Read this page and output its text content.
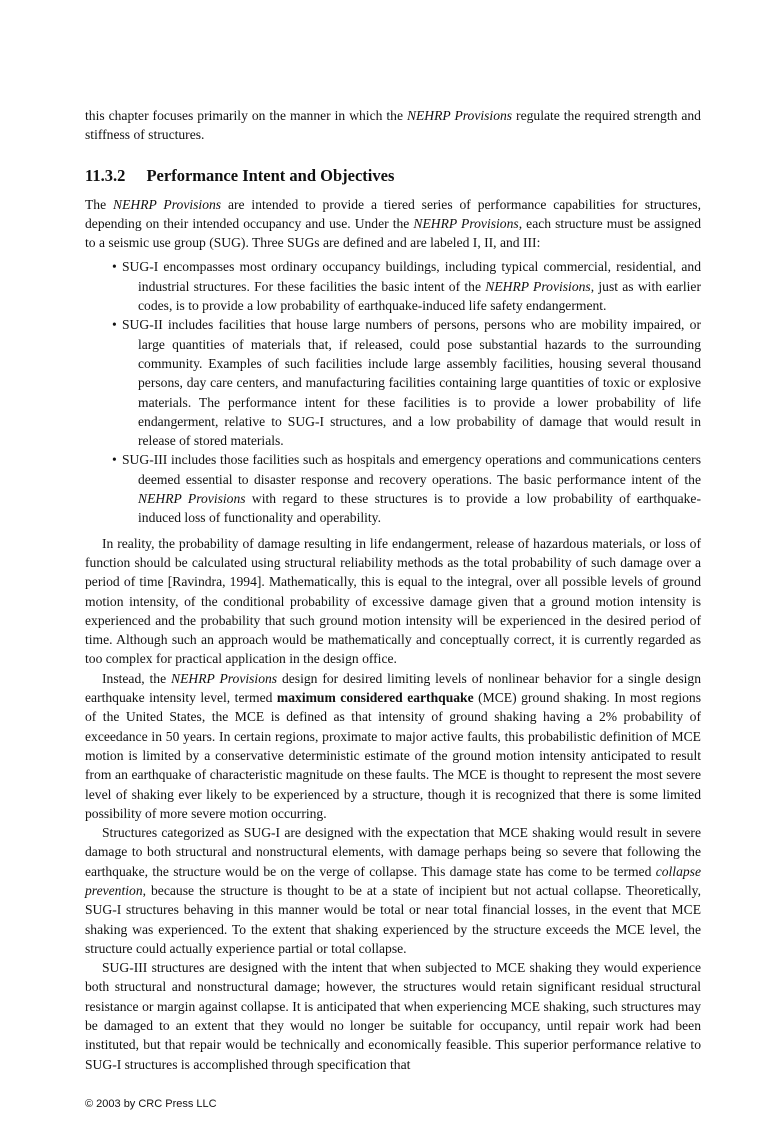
this chapter focuses primarily on the manner in which the NEHRP Provisions regulate the required strength and stiffness of structures.

11.3.2 Performance Intent and Objectives

The NEHRP Provisions are intended to provide a tiered series of performance capabilities for structures, depending on their intended occupancy and use. Under the NEHRP Provisions, each structure must be assigned to a seismic use group (SUG). Three SUGs are defined and are labeled I, II, and III:

• SUG-I encompasses most ordinary occupancy buildings, including typical commercial, residential, and industrial structures. For these facilities the basic intent of the NEHRP Provisions, just as with earlier codes, is to provide a low probability of earthquake-induced life safety endangerment.
• SUG-II includes facilities that house large numbers of persons, persons who are mobility impaired, or large quantities of materials that, if released, could pose substantial hazards to the surrounding community. Examples of such facilities include large assembly facilities, housing several thousand persons, day care centers, and manufacturing facilities containing large quantities of toxic or explosive materials. The performance intent for these facilities is to provide a lower probability of life endangerment, relative to SUG-I structures, and a low probability of damage that would result in release of stored materials.
• SUG-III includes those facilities such as hospitals and emergency operations and communications centers deemed essential to disaster response and recovery operations. The basic performance intent of the NEHRP Provisions with regard to these structures is to provide a low probability of earthquake-induced loss of functionality and operability.

In reality, the probability of damage resulting in life endangerment, release of hazardous materials, or loss of function should be calculated using structural reliability methods as the total probability of such damage over a period of time [Ravindra, 1994]. Mathematically, this is equal to the integral, over all possible levels of ground motion intensity, of the conditional probability of excessive damage given that a ground motion intensity is experienced and the probability that such ground motion intensity will be experienced in the desired period of time. Although such an approach would be mathematically and conceptually correct, it is currently regarded as too complex for practical application in the design office.

Instead, the NEHRP Provisions design for desired limiting levels of nonlinear behavior for a single design earthquake intensity level, termed maximum considered earthquake (MCE) ground shaking. In most regions of the United States, the MCE is defined as that intensity of ground shaking having a 2% probability of exceedance in 50 years. In certain regions, proximate to major active faults, this probabilistic definition of MCE motion is limited by a conservative deterministic estimate of the ground motion intensity anticipated to result from an earthquake of characteristic magnitude on these faults. The MCE is thought to represent the most severe level of shaking ever likely to be experienced by a structure, though it is recognized that there is some limited possibility of more severe motion occurring.

Structures categorized as SUG-I are designed with the expectation that MCE shaking would result in severe damage to both structural and nonstructural elements, with damage perhaps being so severe that following the earthquake, the structure would be on the verge of collapse. This damage state has come to be termed collapse prevention, because the structure is thought to be at a state of incipient but not actual collapse. Theoretically, SUG-I structures behaving in this manner would be total or near total financial losses, in the event that MCE shaking was experienced. To the extent that shaking experienced by the structure exceeds the MCE level, the structure could actually experience partial or total collapse.

SUG-III structures are designed with the intent that when subjected to MCE shaking they would experience both structural and nonstructural damage; however, the structures would retain significant residual structural resistance or margin against collapse. It is anticipated that when experiencing MCE shaking, such structures may be damaged to an extent that they would no longer be suitable for occupancy, until repair work had been instituted, but that repair would be technically and economically feasible. This superior performance relative to SUG-I structures is accomplished through specification that

© 2003 by CRC Press LLC
